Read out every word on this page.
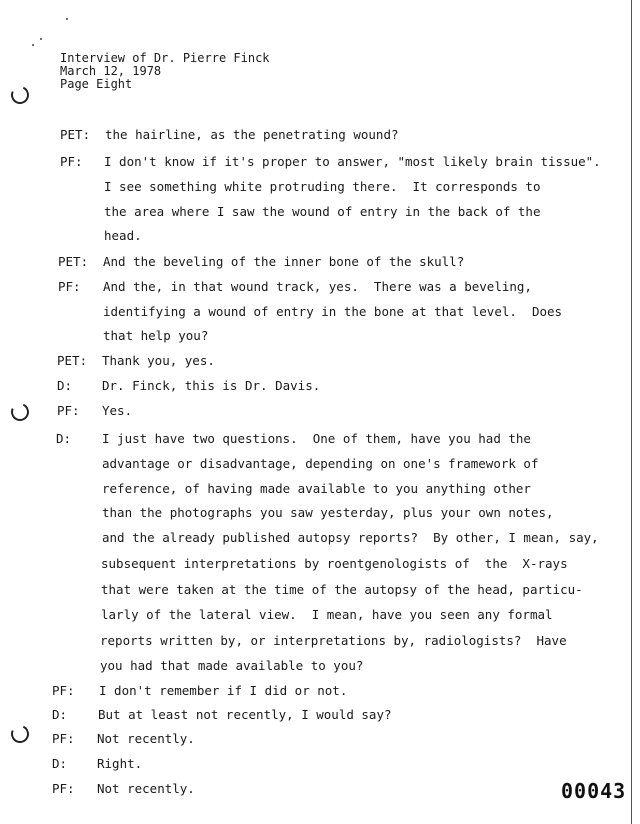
Interview of Dr. Pierre Finck
March 12, 1978
Page Eight
PET: the hairline, as the penetrating wound?
PF: I don't know if it's proper to answer, "most likely brain tissue".
I see something white protruding there.  It corresponds to
the area where I saw the wound of entry in the back of the
head.
PET: And the beveling of the inner bone of the skull?
PF: And the, in that wound track, yes.  There was a beveling,
identifying a wound of entry in the bone at that level.  Does
that help you?
PET: Thank you, yes.
D: Dr. Finck, this is Dr. Davis.
PF: Yes.
D: I just have two questions.  One of them, have you had the
advantage or disadvantage, depending on one's framework of
reference, of having made available to you anything other
than the photographs you saw yesterday, plus your own notes,
and the already published autopsy reports?  By other, I mean, say,
subsequent interpretations by roentgenologists of  the  X-rays
that were taken at the time of the autopsy of the head, particu-
larly of the lateral view.  I mean, have you seen any formal
reports written by, or interpretations by, radiologists?  Have
you had that made available to you?
PF: I don't remember if I did or not.
D: But at least not recently, I would say?
PF: Not recently.
D: Right.
PF: Not recently.	00043
